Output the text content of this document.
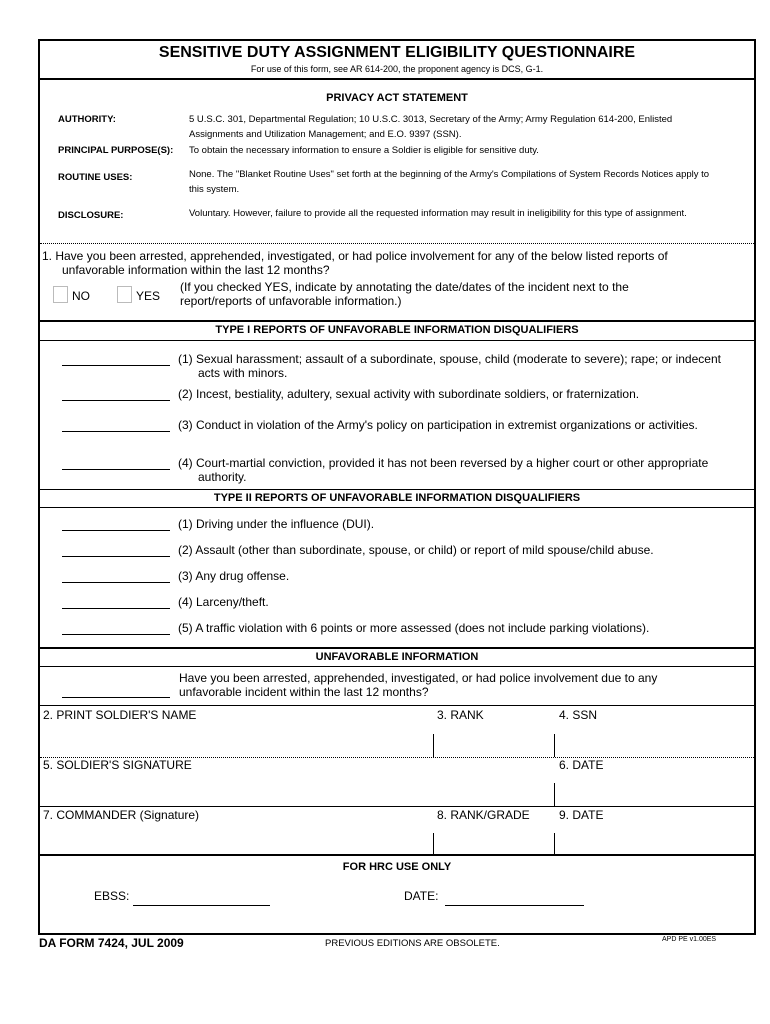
SENSITIVE DUTY ASSIGNMENT ELIGIBILITY QUESTIONNAIRE
For use of this form, see AR 614-200, the proponent agency is DCS, G-1.
PRIVACY ACT STATEMENT
AUTHORITY:	5 U.S.C. 301, Departmental Regulation; 10 U.S.C. 3013, Secretary of the Army; Army Regulation 614-200, Enlisted Assignments and Utilization Management; and E.O. 9397 (SSN).
PRINCIPAL PURPOSE(S): To obtain the necessary information to ensure a Soldier is eligible for sensitive duty.
ROUTINE USES:	None. The "Blanket Routine Uses" set forth at the beginning of the Army's Compilations of System Records Notices apply to this system.
DISCLOSURE:	Voluntary. However, failure to provide all the requested information may result in ineligibility for this type of assignment.
1. Have you been arrested, apprehended, investigated, or had police involvement for any of the below listed reports of unfavorable information within the last 12 months?
NO	YES
(If you checked YES, indicate by annotating the date/dates of the incident next to the report/reports of unfavorable information.)
TYPE I REPORTS OF UNFAVORABLE INFORMATION DISQUALIFIERS
(1) Sexual harassment; assault of a subordinate, spouse, child (moderate to severe); rape; or indecent acts with minors.
(2) Incest, bestiality, adultery, sexual activity with subordinate soldiers, or fraternization.
(3) Conduct in violation of the Army's policy on participation in extremist organizations or activities.
(4) Court-martial conviction, provided it has not been reversed by a higher court or other appropriate authority.
TYPE II REPORTS OF UNFAVORABLE INFORMATION DISQUALIFIERS
(1) Driving under the influence (DUI).
(2) Assault (other than subordinate, spouse, or child) or report of mild spouse/child abuse.
(3) Any drug offense.
(4) Larceny/theft.
(5) A traffic violation with 6 points or more assessed (does not include parking violations).
UNFAVORABLE INFORMATION
Have you been arrested, apprehended, investigated, or had police involvement due to any unfavorable incident within the last 12 months?
2. PRINT SOLDIER'S NAME	3. RANK	4. SSN
5. SOLDIER'S SIGNATURE	6. DATE
7. COMMANDER (Signature)	8. RANK/GRADE 9. DATE
FOR HRC USE ONLY
EBSS:	DATE:
DA FORM 7424, JUL 2009	PREVIOUS EDITIONS ARE OBSOLETE.	APD PE v1.00ES
